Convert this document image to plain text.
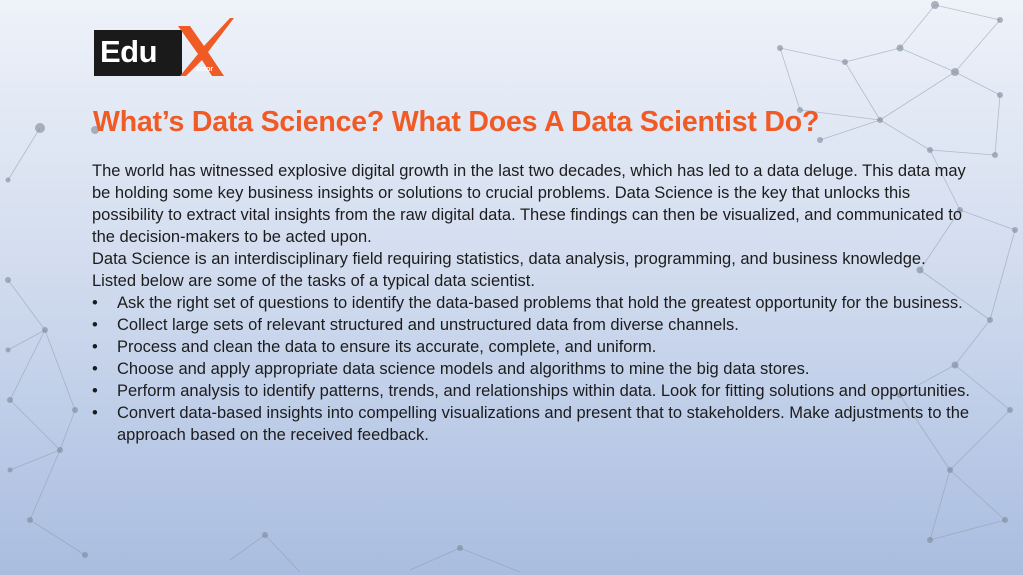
Edu
actor
What’s Data Science? What Does A Data Scientist Do?

The world has witnessed explosive digital growth in the last two decades, which has led to a data deluge. This data may be holding some key business insights or solutions to crucial problems. Data Science is the key that unlocks this possibility to extract vital insights from the raw digital data. These findings can then be visualized, and communicated to the decision-makers to be acted upon.

Data Science is an interdisciplinary field requiring statistics, data analysis, programming, and business knowledge.

Listed below are some of the tasks of a typical data scientist.

• Ask the right set of questions to identify the data-based problems that hold the greatest opportunity for the business.
• Collect large sets of relevant structured and unstructured data from diverse channels.
• Process and clean the data to ensure its accurate, complete, and uniform.
• Choose and apply appropriate data science models and algorithms to mine the big data stores.
• Perform analysis to identify patterns, trends, and relationships within data. Look for fitting solutions and opportunities.
• Convert data-based insights into compelling visualizations and present that to stakeholders. Make adjustments to the approach based on the received feedback.
